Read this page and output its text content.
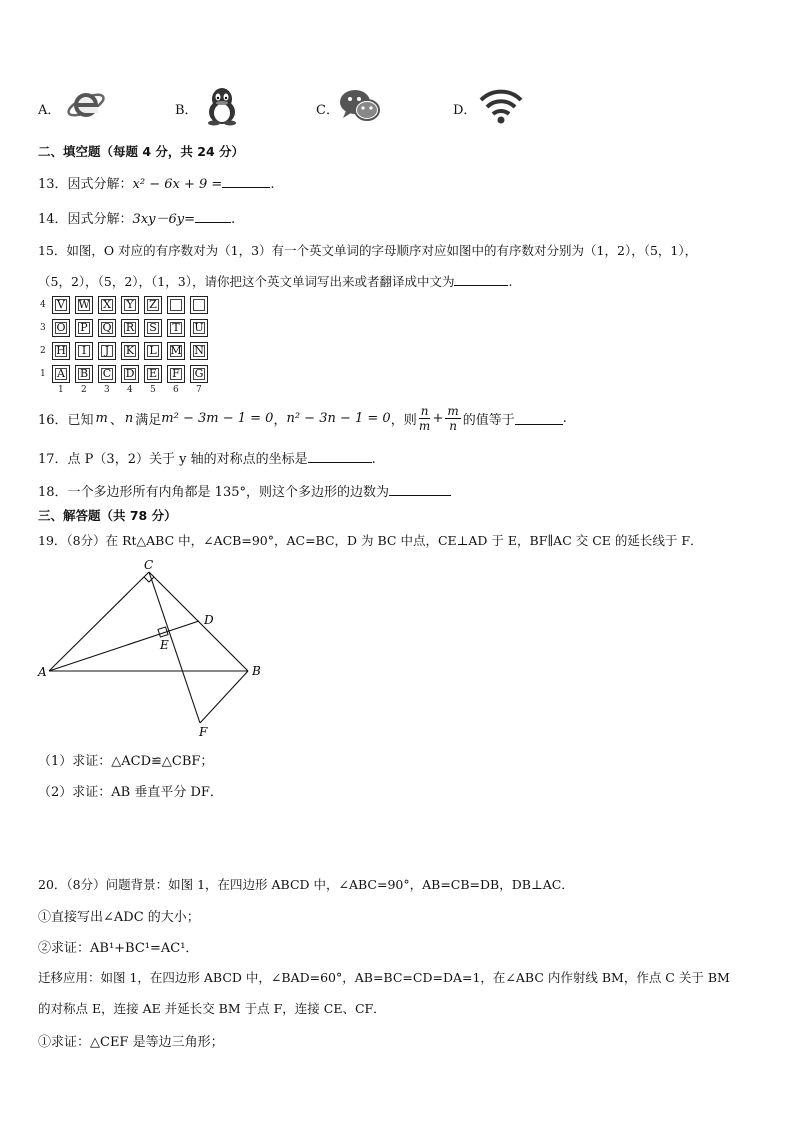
A．	B．	C．	D．
二、填空题（每题 4 分，共 24 分）
13．因式分解：x² − 6x + 9 =	.
14．因式分解：3xy－6y=	.
15．如图，O 对应的有序数对为（1，3）有一个英文单词的字母顺序对应如图中的有序数对分别为（1，2），（5，1），
（5，2），（5，2），（1，3），请你把这个英文单词写出来或者翻译成中文为	.
4	V	W	X	Y	Z
3 O	P	Q	R	S	T	U
2 H	I	J	K	L	M	N
1	A	B	C	D	E	F	G
1 2 3 4 5 6 7
16．已知 m 、 n 满足 m² − 3m − 1 = 0 ， n² − 3n − 1 = 0 ，则 $\frac{n}{m} + \frac{m}{n}$ 的值等于	.
17．点 P（3，2）关于 y 轴的对称点的坐标是	.
18．一个多边形所有内角都是 135°，则这个多边形的边数为
三、解答题（共 78 分）
19．（8分）在 Rt△ABC 中，∠ACB=90°，AC=BC，D 为 BC 中点，CE⊥AD 于 E，BF∥AC 交 CE 的延长线于 F．
C
D
E
A	B
F
（1）求证：△ACD≌△CBF；
（2）求证：AB 垂直平分 DF．
20．（8分）问题背景：如图 1，在四边形 ABCD 中，∠ABC=90°，AB=CB=DB，DB⊥AC．
①直接写出∠ADC 的大小；
②求证：AB¹+BC¹=AC¹．
迁移应用：如图 1，在四边形 ABCD 中，∠BAD=60°，AB=BC=CD=DA=1，在∠ABC 内作射线 BM，作点 C 关于 BM
的对称点 E，连接 AE 并延长交 BM 于点 F，连接 CE、CF．
①求证：△CEF 是等边三角形；
